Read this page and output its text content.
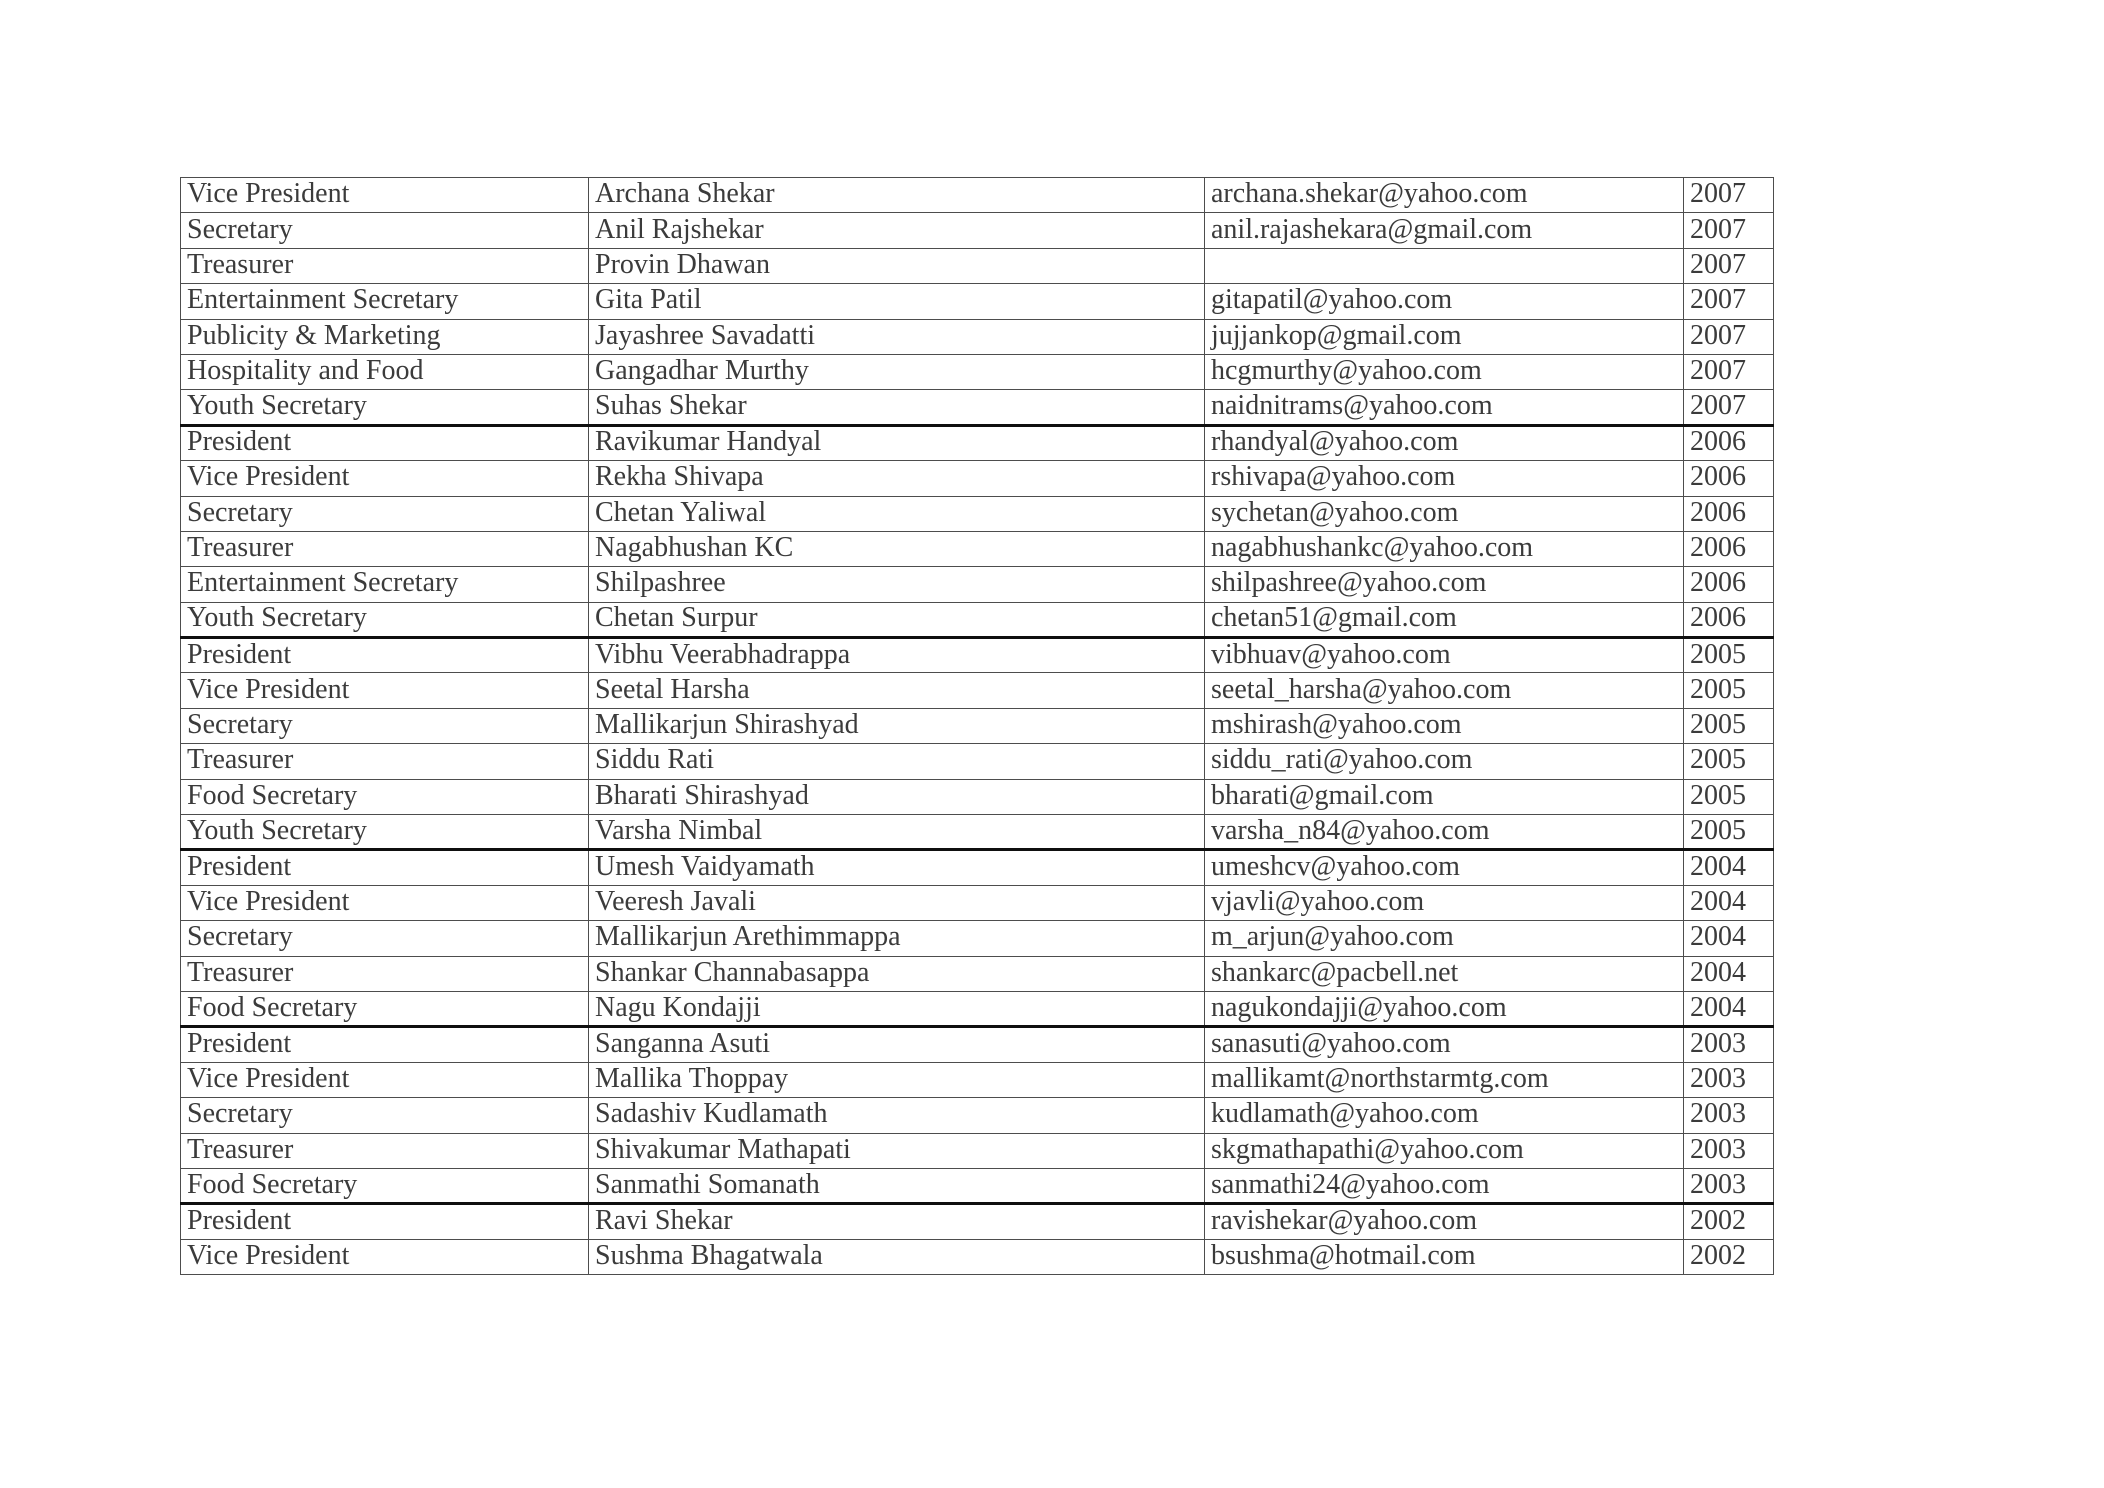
Vice President	Archana Shekar	archana.shekar@yahoo.com	2007
Secretary	Anil Rajshekar	anil.rajashekara@gmail.com	2007
Treasurer	Provin Dhawan		2007
Entertainment Secretary	Gita Patil	gitapatil@yahoo.com	2007
Publicity & Marketing	Jayashree Savadatti	jujjankop@gmail.com	2007
Hospitality and Food	Gangadhar Murthy	hcgmurthy@yahoo.com	2007
Youth Secretary	Suhas Shekar	naidnitrams@yahoo.com	2007
President	Ravikumar Handyal	rhandyal@yahoo.com	2006
Vice President	Rekha Shivapa	rshivapa@yahoo.com	2006
Secretary	Chetan Yaliwal	sychetan@yahoo.com	2006
Treasurer	Nagabhushan KC	nagabhushankc@yahoo.com	2006
Entertainment Secretary	Shilpashree	shilpashree@yahoo.com	2006
Youth Secretary	Chetan Surpur	chetan51@gmail.com	2006
President	Vibhu Veerabhadrappa	vibhuav@yahoo.com	2005
Vice President	Seetal Harsha	seetal_harsha@yahoo.com	2005
Secretary	Mallikarjun Shirashyad	mshirash@yahoo.com	2005
Treasurer	Siddu Rati	siddu_rati@yahoo.com	2005
Food Secretary	Bharati Shirashyad	bharati@gmail.com	2005
Youth Secretary	Varsha Nimbal	varsha_n84@yahoo.com	2005
President	Umesh Vaidyamath	umeshcv@yahoo.com	2004
Vice President	Veeresh Javali	vjavli@yahoo.com	2004
Secretary	Mallikarjun Arethimmappa	m_arjun@yahoo.com	2004
Treasurer	Shankar Channabasappa	shankarc@pacbell.net	2004
Food Secretary	Nagu Kondajji	nagukondajji@yahoo.com	2004
President	Sanganna Asuti	sanasuti@yahoo.com	2003
Vice President	Mallika Thoppay	mallikamt@northstarmtg.com	2003
Secretary	Sadashiv Kudlamath	kudlamath@yahoo.com	2003
Treasurer	Shivakumar Mathapati	skgmathapathi@yahoo.com	2003
Food Secretary	Sanmathi Somanath	sanmathi24@yahoo.com	2003
President	Ravi Shekar	ravishekar@yahoo.com	2002
Vice President	Sushma Bhagatwala	bsushma@hotmail.com	2002
